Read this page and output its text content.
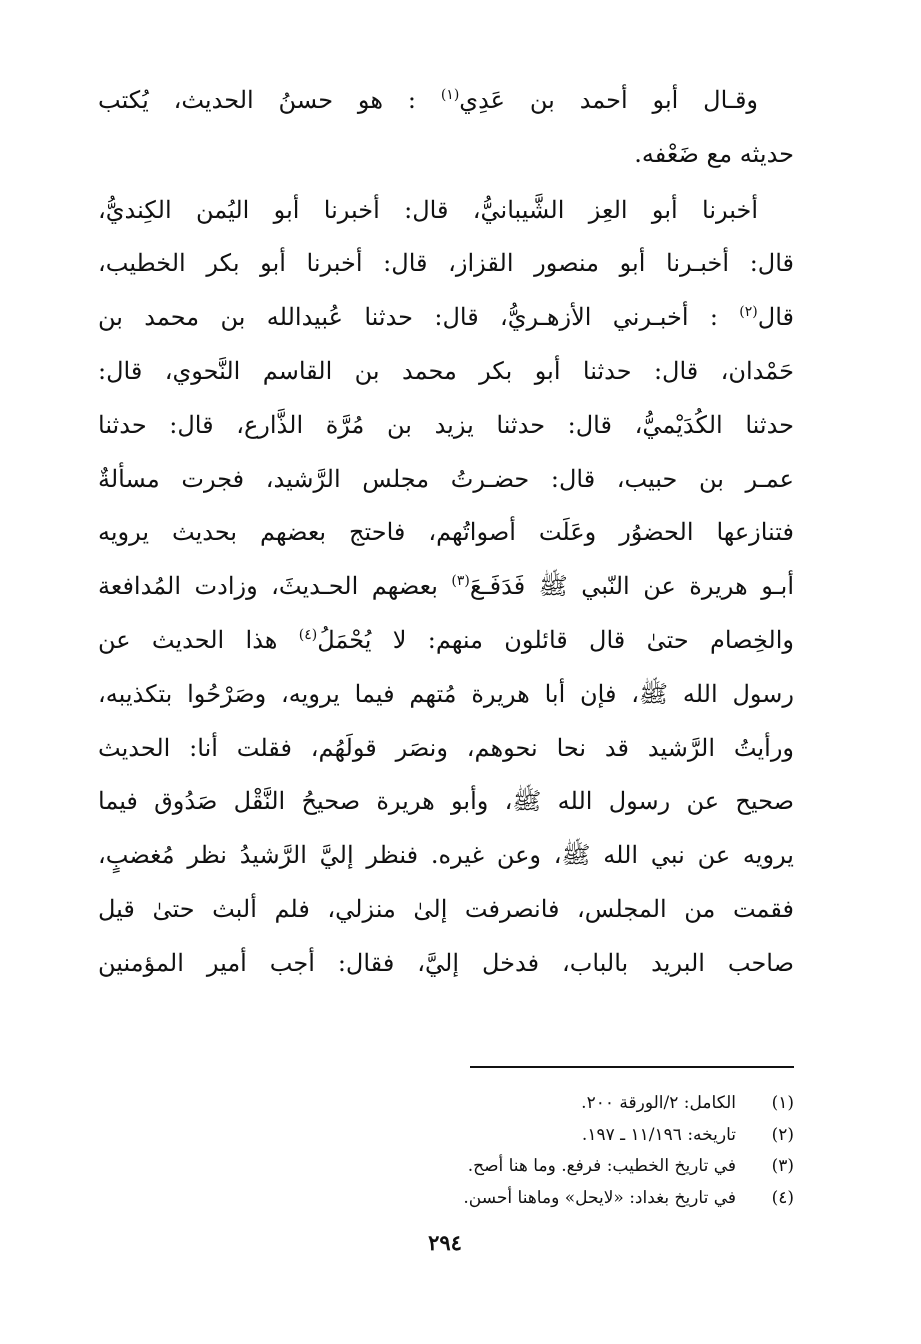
وقـال أبو أحمد بن عَدِي$^{(١)}$ : هو حسنُ الحديث، يُكتب
حديثه مع ضَعْفه.

أخبرنا أبو العِز الشَّيبانيُّ، قال: أخبرنا أبو اليُمن الكِنديُّ،
قال: أخبـرنا أبو منصور القزاز، قال: أخبرنا أبو بكر الخطيب،
قال$^{(٢)}$ : أخبـرني الأزهـريُّ، قال: حدثنا عُبيدالله بن محمد بن
حَمْدان، قال: حدثنا أبو بكر محمد بن القاسم النَّحوي، قال:
حدثنا الكُدَيْميُّ، قال: حدثنا يزيد بن مُرَّة الذَّارع، قال: حدثنا
عمـر بن حبيب، قال: حضـرتُ مجلس الرَّشيد، فجرت مسألةٌ
فتنازعها الحضوُر وعَلَت أصواتُهم، فاحتج بعضهم بحديث يرويه
أبـو هريرة عن النّبي ﷺ فَدَفَـعَ$^{(٣)}$ بعضهم الحـديثَ، وزادت المُدافعة
والخِصام حتىٰ قال قائلون منهم: لا يُحْمَلُ$^{(٤)}$ هذا الحديث عن
رسول الله ﷺ، فإن أبا هريرة مُتهم فيما يرويه، وصَرْحُوا بتكذيبه،
ورأيتُ الرَّشيد قد نحا نحوهم، ونصَر قولَهُم، فقلت أنا: الحديث
صحيح عن رسول الله ﷺ، وأبو هريرة صحيحُ النَّقْل صَدُوق فيما
يرويه عن نبي الله ﷺ، وعن غيره. فنظر إليَّ الرَّشيدُ نظر مُغضبٍ،
فقمت من المجلس، فانصرفت إلىٰ منزلي، فلم ألبث حتىٰ قيل
صاحب البريد بالباب، فدخل إليَّ، فقال: أجب أمير المؤمنين

(١)
الكامل: ٢/الورقة ٢٠٠.
(٢)
تاريخه: ١١/١٩٦ ـ ١٩٧.
(٣)
في تاريخ الخطيب: فرفع. وما هنا أصح.
(٤)
في تاريخ بغداد: «لايحل» وماهنا أحسن.
٢٩٤
